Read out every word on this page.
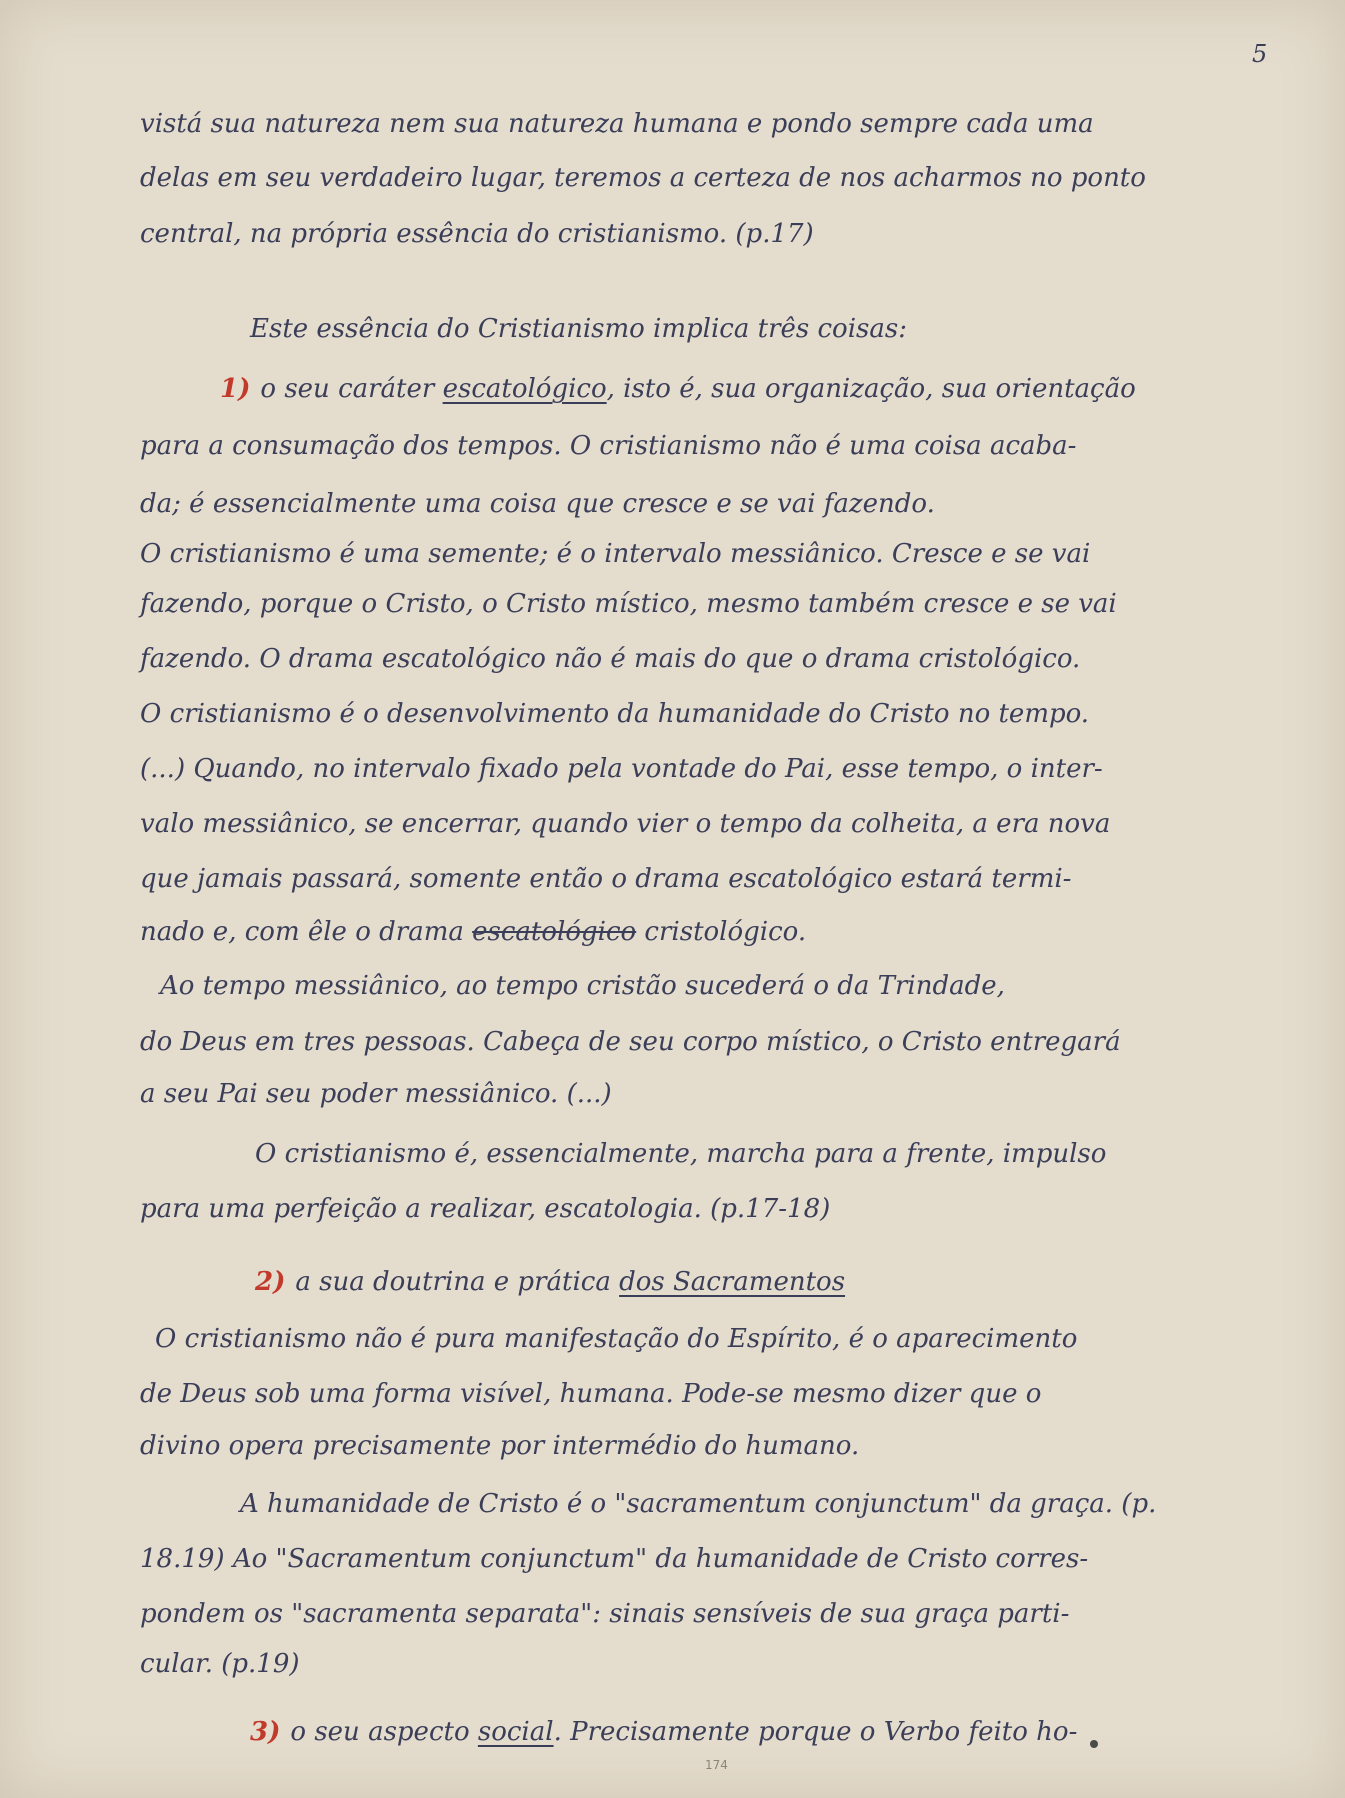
5
vistá sua natureza nem sua natureza humana e pondo sempre cada uma
delas em seu verdadeiro lugar, teremos a certeza de nos acharmos no ponto
central, na própria essência do cristianismo. (p.17)
Este essência do Cristianismo implica três coisas:
1) o seu caráter escatológico, isto é, sua organização, sua orientação
para a consumação dos tempos. O cristianismo não é uma coisa acaba-
da; é essencialmente uma coisa que cresce e se vai fazendo.
O cristianismo é uma semente; é o intervalo messiânico. Cresce e se vai
fazendo, porque o Cristo, o Cristo místico, mesmo também cresce e se vai
fazendo. O drama escatológico não é mais do que o drama cristológico.
O cristianismo é o desenvolvimento da humanidade do Cristo no tempo.
(...) Quando, no intervalo fixado pela vontade do Pai, esse tempo, o inter-
valo messiânico, se encerrar, quando vier o tempo da colheita, a era nova
que jamais passará, somente então o drama escatológico estará termi-
nado e, com êle o drama escatológico cristológico.
Ao tempo messiânico, ao tempo cristão sucederá o da Trindade,
do Deus em tres pessoas. Cabeça de seu corpo místico, o Cristo entregará
a seu Pai seu poder messiânico. (...)
O cristianismo é, essencialmente, marcha para a frente, impulso
para uma perfeição a realizar, escatologia. (p.17-18)
2) a sua doutrina e prática dos Sacramentos
O cristianismo não é pura manifestação do Espírito, é o aparecimento
de Deus sob uma forma visível, humana. Pode-se mesmo dizer que o
divino opera precisamente por intermédio do humano.
A humanidade de Cristo é o "sacramentum conjunctum" da graça. (p.
18.19) Ao "Sacramentum conjunctum" da humanidade de Cristo corres-
pondem os "sacramenta separata": sinais sensíveis de sua graça parti-
cular. (p.19)
3) o seu aspecto social. Precisamente porque o Verbo feito ho-
174
